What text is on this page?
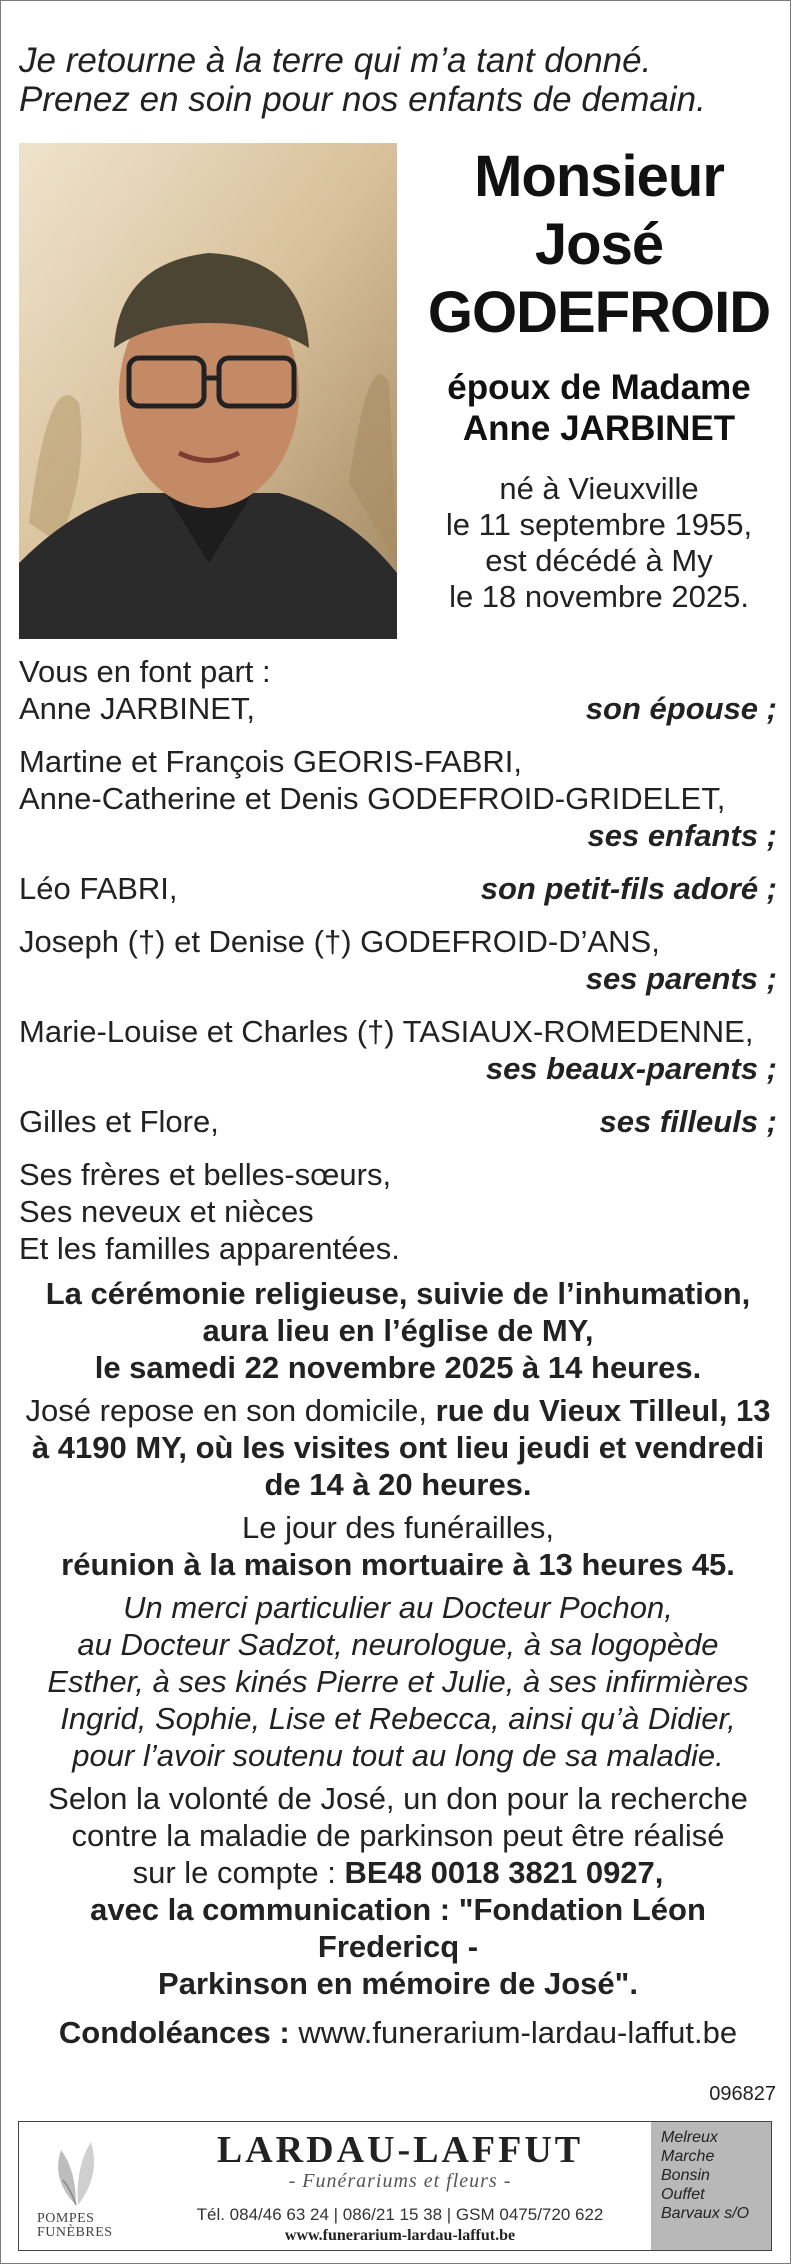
Je retourne à la terre qui m’a tant donné.
Prenez en soin pour nos enfants de demain.
Monsieur
José
GODEFROID
époux de Madame
Anne JARBINET
né à Vieuxville
le 11 septembre 1955,
est décédé à My
le 18 novembre 2025.
Vous en font part :
Anne JARBINET,	son épouse ;
Martine et François GEORIS-FABRI,
Anne-Catherine et Denis GODEFROID-GRIDELET,
ses enfants ;
Léo FABRI,	son petit-fils adoré ;
Joseph (†) et Denise (†) GODEFROID-D’ANS,
ses parents ;
Marie-Louise et Charles (†) TASIAUX-ROMEDENNE,
ses beaux-parents ;
Gilles et Flore,	ses filleuls ;
Ses frères et belles-sœurs,
Ses neveux et nièces
Et les familles apparentées.
La cérémonie religieuse, suivie de l’inhumation,
aura lieu en l’église de MY,
le samedi 22 novembre 2025 à 14 heures.
José repose en son domicile, rue du Vieux Tilleul, 13
à 4190 MY, où les visites ont lieu jeudi et vendredi
de 14 à 20 heures.
Le jour des funérailles,
réunion à la maison mortuaire à 13 heures 45.
Un merci particulier au Docteur Pochon,
au Docteur Sadzot, neurologue, à sa logopède
Esther, à ses kinés Pierre et Julie, à ses infirmières
Ingrid, Sophie, Lise et Rebecca, ainsi qu’à Didier,
pour l’avoir soutenu tout au long de sa maladie.
Selon la volonté de José, un don pour la recherche
contre la maladie de parkinson peut être réalisé
sur le compte : BE48 0018 3821 0927,
avec la communication : "Fondation Léon Fredericq -
Parkinson en mémoire de José".
Condoléances : www.funerarium-lardau-laffut.be
096827
POMPES
FUNÈBRES
LARDAU-LAFFUT
- Funérariums et fleurs -
Tél. 084/46 63 24 | 086/21 15 38 | GSM 0475/720 622
www.funerarium-lardau-laffut.be
Melreux
Marche
Bonsin
Ouffet
Barvaux s/O
